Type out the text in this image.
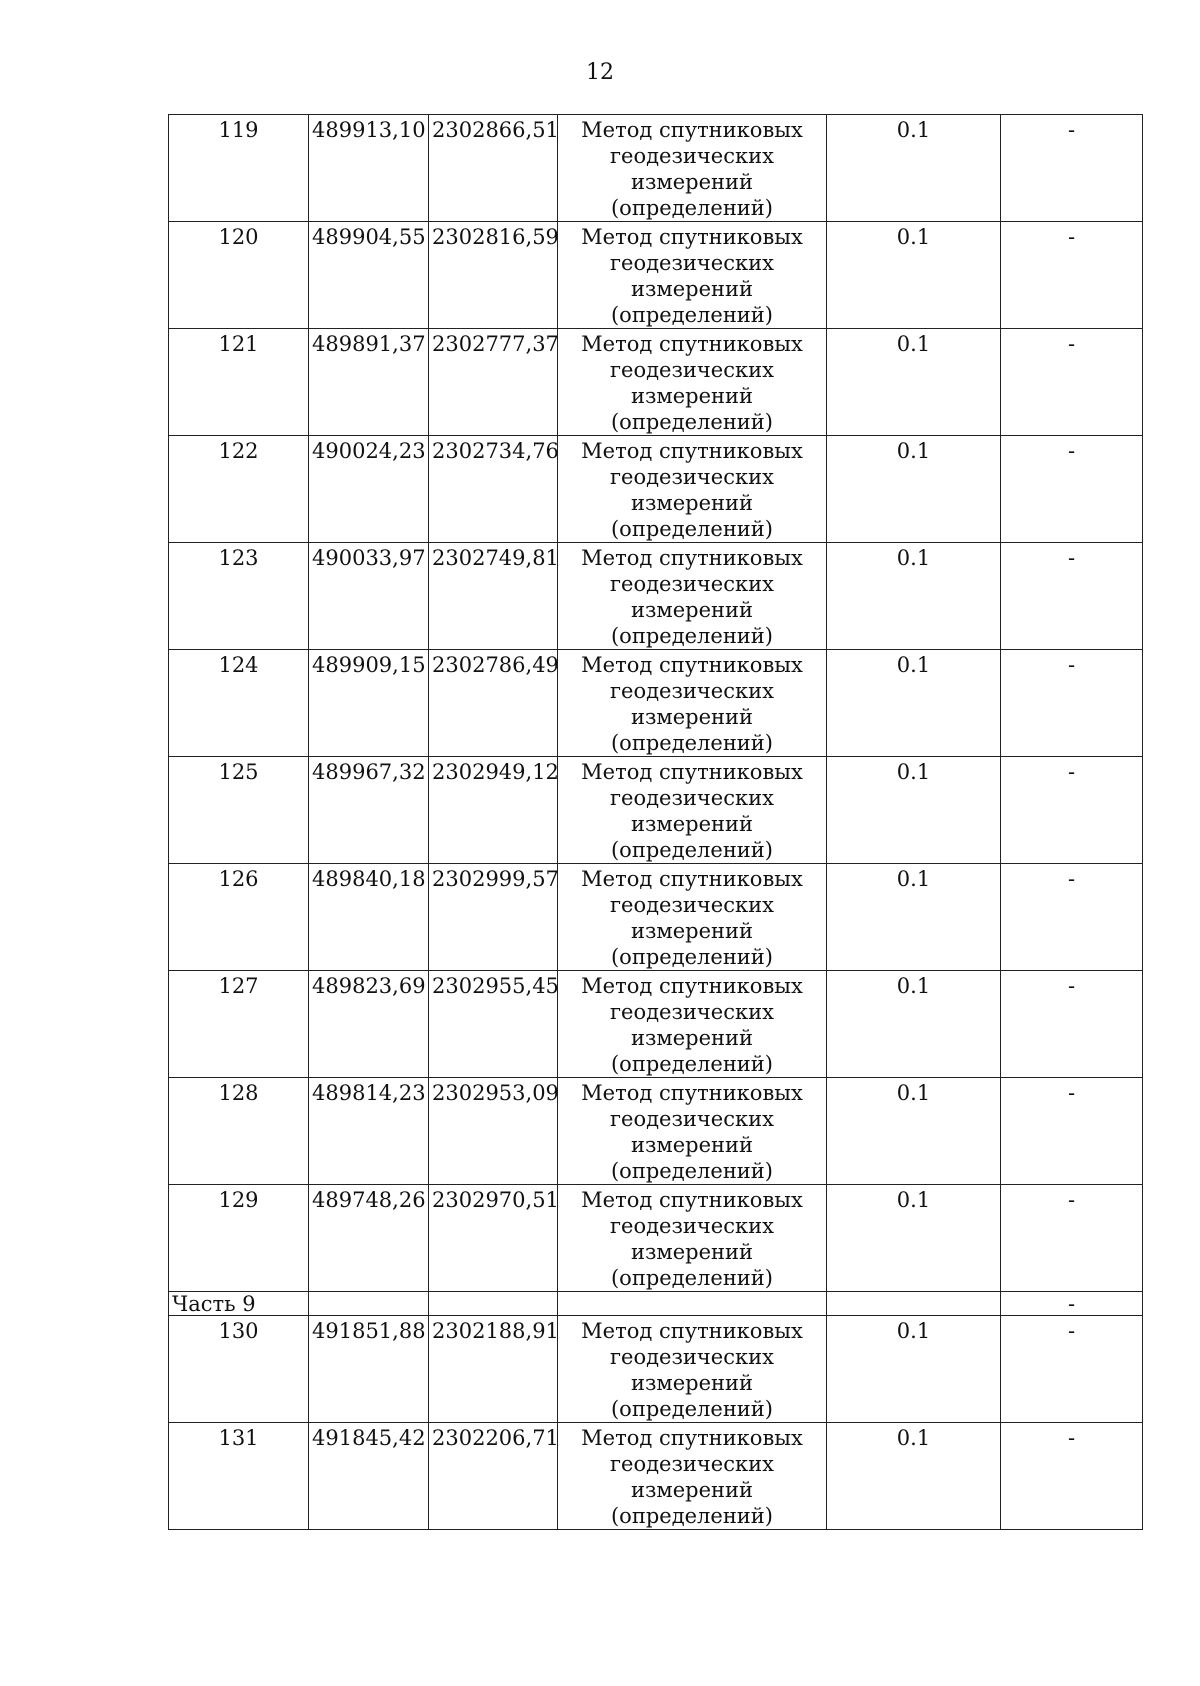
12
119	489913,10	2302866,51	Метод спутниковых
геодезических
измерений
(определений)	0.1	-
120	489904,55	2302816,59	Метод спутниковых
геодезических
измерений
(определений)	0.1	-
121	489891,37	2302777,37	Метод спутниковых
геодезических
измерений
(определений)	0.1	-
122	490024,23	2302734,76	Метод спутниковых
геодезических
измерений
(определений)	0.1	-
123	490033,97	2302749,81	Метод спутниковых
геодезических
измерений
(определений)	0.1	-
124	489909,15	2302786,49	Метод спутниковых
геодезических
измерений
(определений)	0.1	-
125	489967,32	2302949,12	Метод спутниковых
геодезических
измерений
(определений)	0.1	-
126	489840,18	2302999,57	Метод спутниковых
геодезических
измерений
(определений)	0.1	-
127	489823,69	2302955,45	Метод спутниковых
геодезических
измерений
(определений)	0.1	-
128	489814,23	2302953,09	Метод спутниковых
геодезических
измерений
(определений)	0.1	-
129	489748,26	2302970,51	Метод спутниковых
геодезических
измерений
(определений)	0.1	-
Часть 9					-
130	491851,88	2302188,91	Метод спутниковых
геодезических
измерений
(определений)	0.1	-
131	491845,42	2302206,71	Метод спутниковых
геодезических
измерений
(определений)	0.1	-
